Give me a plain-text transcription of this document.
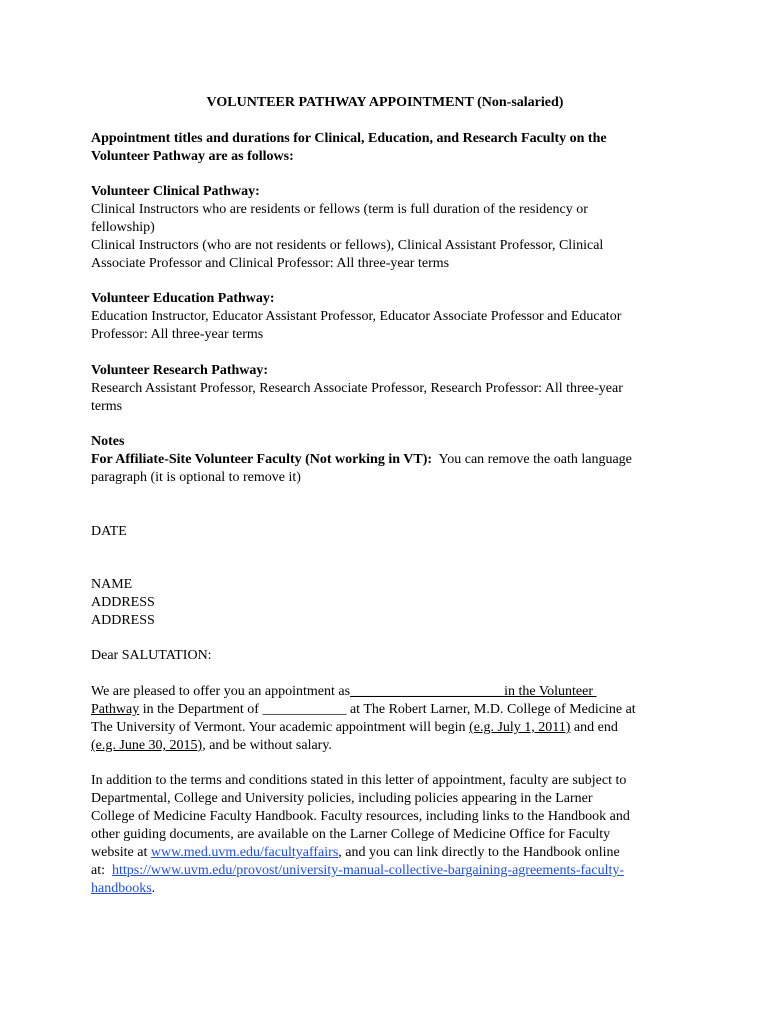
VOLUNTEER PATHWAY APPOINTMENT (Non-salaried)
Appointment titles and durations for Clinical, Education, and Research Faculty on the
Volunteer Pathway are as follows:
Volunteer Clinical Pathway:
Clinical Instructors who are residents or fellows (term is full duration of the residency or
fellowship)
Clinical Instructors (who are not residents or fellows), Clinical Assistant Professor, Clinical
Associate Professor and Clinical Professor: All three-year terms
Volunteer Education Pathway:
Education Instructor, Educator Assistant Professor, Educator Associate Professor and Educator
Professor: All three-year terms
Volunteer Research Pathway:
Research Assistant Professor, Research Associate Professor, Research Professor: All three-year
terms
Notes
For Affiliate-Site Volunteer Faculty (Not working in VT):  You can remove the oath language
paragraph (it is optional to remove it)
DATE
NAME
ADDRESS
ADDRESS
Dear SALUTATION:
We are pleased to offer you an appointment as______________________in the Volunteer
Pathway in the Department of ____________ at The Robert Larner, M.D. College of Medicine at
The University of Vermont. Your academic appointment will begin (e.g. July 1, 2011) and end
(e.g. June 30, 2015), and be without salary.
In addition to the terms and conditions stated in this letter of appointment, faculty are subject to
Departmental, College and University policies, including policies appearing in the Larner
College of Medicine Faculty Handbook. Faculty resources, including links to the Handbook and
other guiding documents, are available on the Larner College of Medicine Office for Faculty
website at www.med.uvm.edu/facultyaffairs, and you can link directly to the Handbook online
at:  https://www.uvm.edu/provost/university-manual-collective-bargaining-agreements-faculty-
handbooks.
